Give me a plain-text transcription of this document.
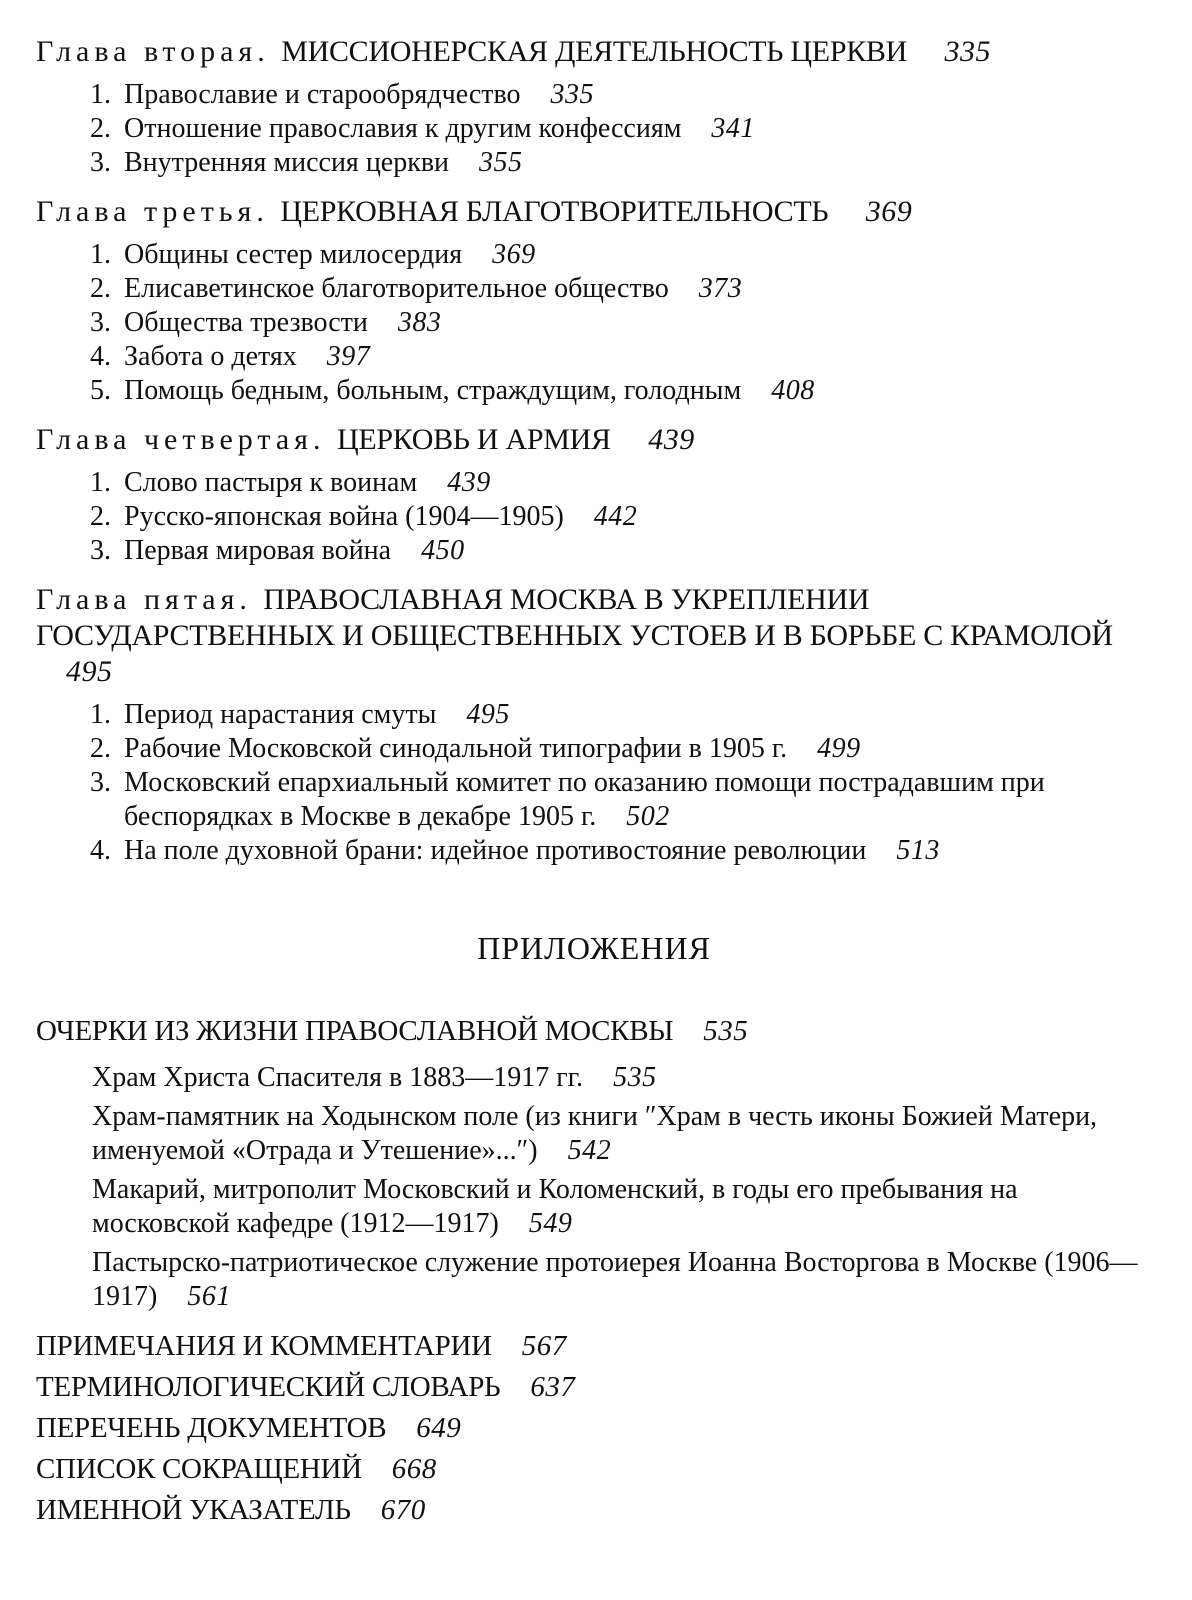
Глава вторая. МИССИОНЕРСКАЯ ДЕЯТЕЛЬНОСТЬ ЦЕРКВИ 335
1. Православие и старообрядчество 335
2. Отношение православия к другим конфессиям 341
3. Внутренняя миссия церкви 355
Глава третья. ЦЕРКОВНАЯ БЛАГОТВОРИТЕЛЬНОСТЬ 369
1. Общины сестер милосердия 369
2. Елисаветинское благотворительное общество 373
3. Общества трезвости 383
4. Забота о детях 397
5. Помощь бедным, больным, страждущим, голодным 408
Глава четвертая. ЦЕРКОВЬ И АРМИЯ 439
1. Слово пастыря к воинам 439
2. Русско-японская война (1904—1905) 442
3. Первая мировая война 450
Глава пятая. ПРАВОСЛАВНАЯ МОСКВА В УКРЕПЛЕНИИ ГОСУДАРСТВЕННЫХ И ОБЩЕСТВЕННЫХ УСТОЕВ И В БОРЬБЕ С КРАМОЛОЙ 495
1. Период нарастания смуты 495
2. Рабочие Московской синодальной типографии в 1905 г. 499
3. Московский епархиальный комитет по оказанию помощи пострадавшим при беспорядках в Москве в декабре 1905 г. 502
4. На поле духовной брани: идейное противостояние революции 513
ПРИЛОЖЕНИЯ
ОЧЕРКИ ИЗ ЖИЗНИ ПРАВОСЛАВНОЙ МОСКВЫ 535
Храм Христа Спасителя в 1883—1917 гг. 535
Храм-памятник на Ходынском поле (из книги ″Храм в честь иконы Божией Матери, именуемой «Отрада и Утешение»...″) 542
Макарий, митрополит Московский и Коломенский, в годы его пребывания на московской кафедре (1912—1917) 549
Пастырско-патриотическое служение протоиерея Иоанна Восторгова в Москве (1906—1917) 561
ПРИМЕЧАНИЯ И КОММЕНТАРИИ 567
ТЕРМИНОЛОГИЧЕСКИЙ СЛОВАРЬ 637
ПЕРЕЧЕНЬ ДОКУМЕНТОВ 649
СПИСОК СОКРАЩЕНИЙ 668
ИМЕННОЙ УКАЗАТЕЛЬ 670
